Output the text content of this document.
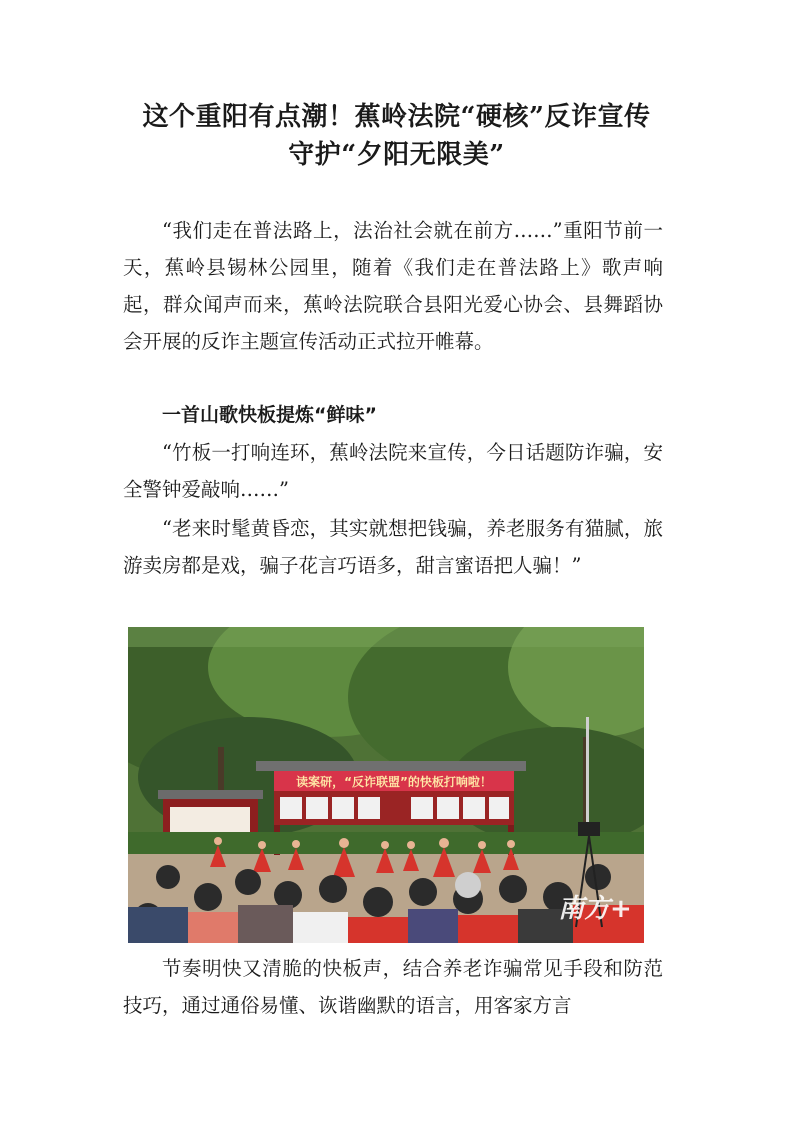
这个重阳有点潮！蕉岭法院“硬核”反诈宣传
守护“夕阳无限美”

“我们走在普法路上，法治社会就在前方……”重阳节前一天，蕉岭县锡林公园里，随着《我们走在普法路上》歌声响起，群众闻声而来，蕉岭法院联合县阳光爱心协会、县舞蹈协会开展的反诈主题宣传活动正式拉开帷幕。

一首山歌快板提炼“鲜味”

“竹板一打响连环，蕉岭法院来宣传，今日话题防诈骗，安全警钟爱敲响……”

“老来时髦黄昏恋，其实就想把钱骗，养老服务有猫腻，旅游卖房都是戏，骗子花言巧语多，甜言蜜语把人骗！”

读案研，“反诈联盟”的快板打响啦！
南方+

节奏明快又清脆的快板声，结合养老诈骗常见手段和防范技巧，通过通俗易懂、诙谐幽默的语言，用客家方言
